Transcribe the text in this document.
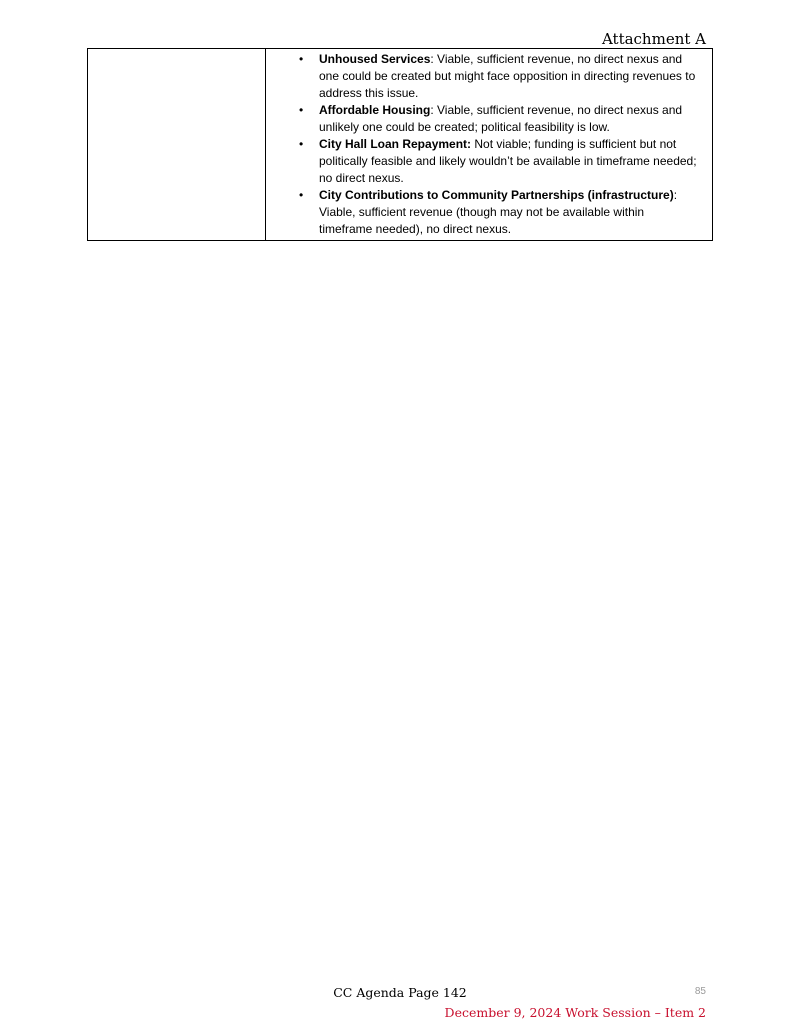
Attachment A

• Unhoused Services: Viable, sufficient revenue, no direct nexus and one could be created but might face opposition in directing revenues to address this issue.
• Affordable Housing: Viable, sufficient revenue, no direct nexus and unlikely one could be created; political feasibility is low.
• City Hall Loan Repayment: Not viable; funding is sufficient but not politically feasible and likely wouldn’t be available in timeframe needed; no direct nexus.
• City Contributions to Community Partnerships (infrastructure): Viable, sufficient revenue (though may not be available within timeframe needed), no direct nexus.
CC Agenda Page 142	85
December 9, 2024 Work Session – Item 2
